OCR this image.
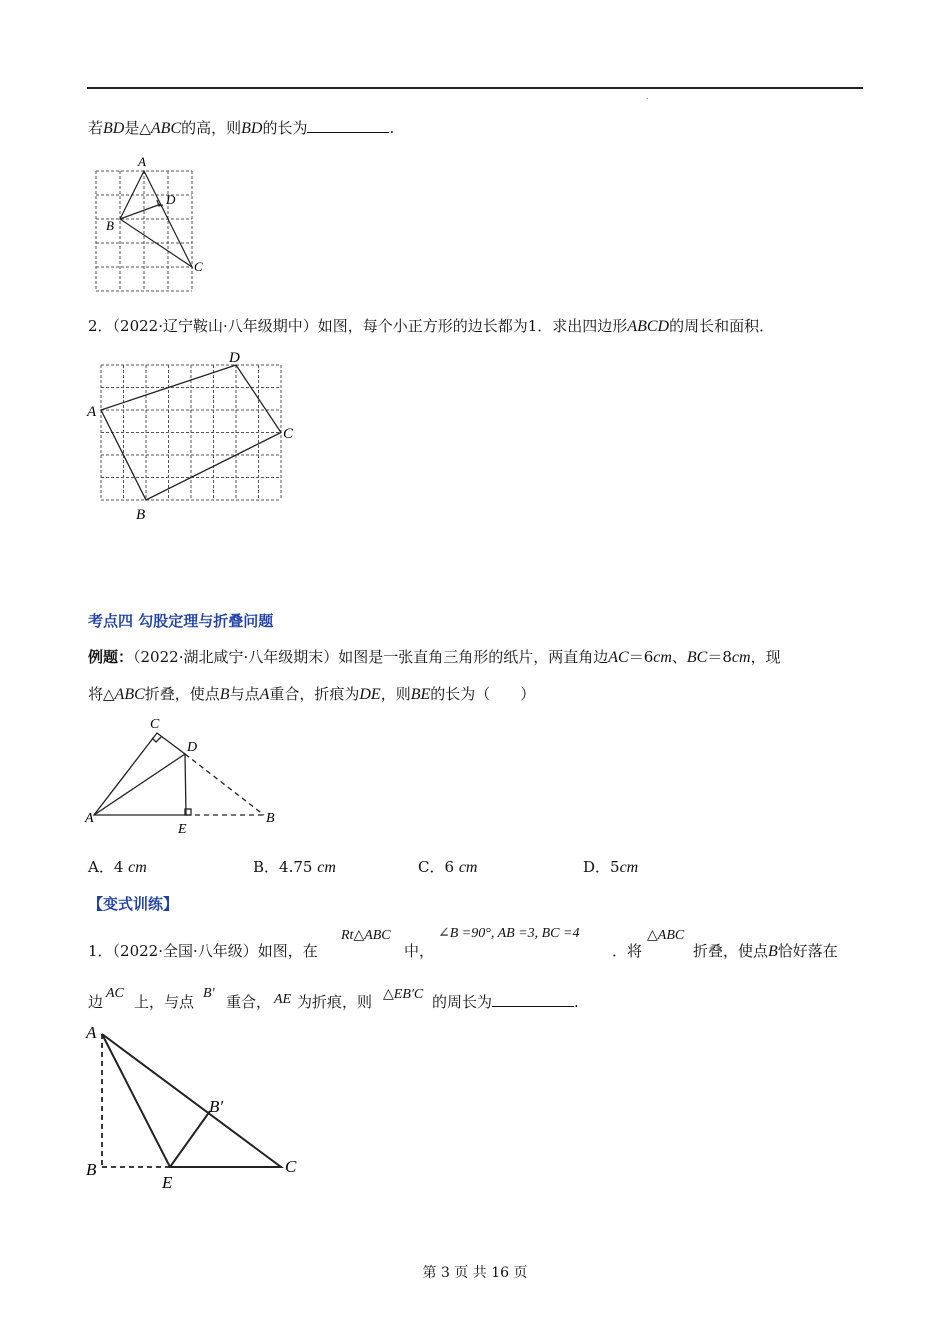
.
若BD是△ABC的高，则BD的长为	.
A
D
B
C
2．（2022·辽宁鞍山·八年级期中）如图，每个小正方形的边长都为1．求出四边形ABCD的周长和面积．
A
D
C
B
考点四 勾股定理与折叠问题
例题：（2022·湖北咸宁·八年级期末）如图是一张直角三角形的纸片，两直角边AC＝6cm、BC＝8cm，现
将△ABC折叠，使点B与点A重合，折痕为DE，则BE的长为（　　）
C
D
A
E
B
A．4 cm	B．4.75 cm	C．6 cm	D．5cm
【变式训练】
1．（2022·全国·八年级）如图，在
Rt△ABC
中，
∠B =90°, AB =3, BC =4
．将
△ABC
折叠，使点B恰好落在
边 AC 上，与点 B′ 重合， AE 为折痕，则 △EB′C 的周长为	.
A
B′
B
E
C
第 3 页 共 16 页
